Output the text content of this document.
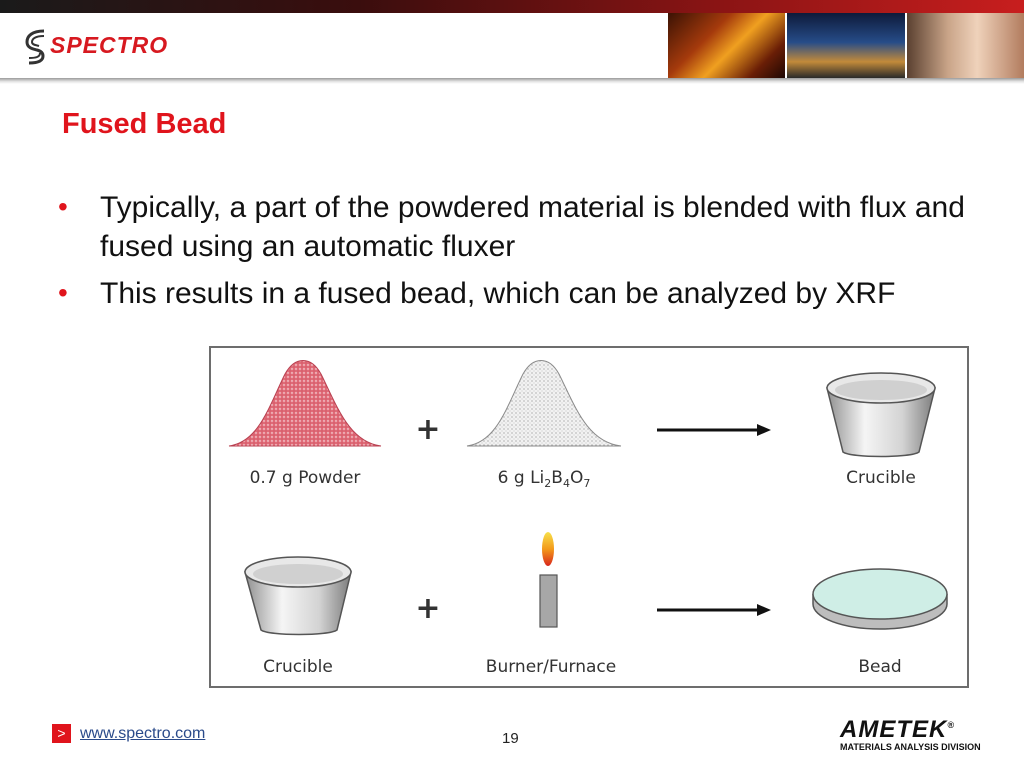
SPECTRO
Fused Bead
•	Typically, a part of the powdered material is blended with flux and fused using an automatic fluxer
•	This results in a fused bead, which can be analyzed by XRF
0.7 g Powder
+
6 g $Li_2B_4O_7$	Crucible
Crucible
+
Burner/Furnace	Bead
> www.spectro.com	19	AMETEK®
MATERIALS ANALYSIS DIVISION
